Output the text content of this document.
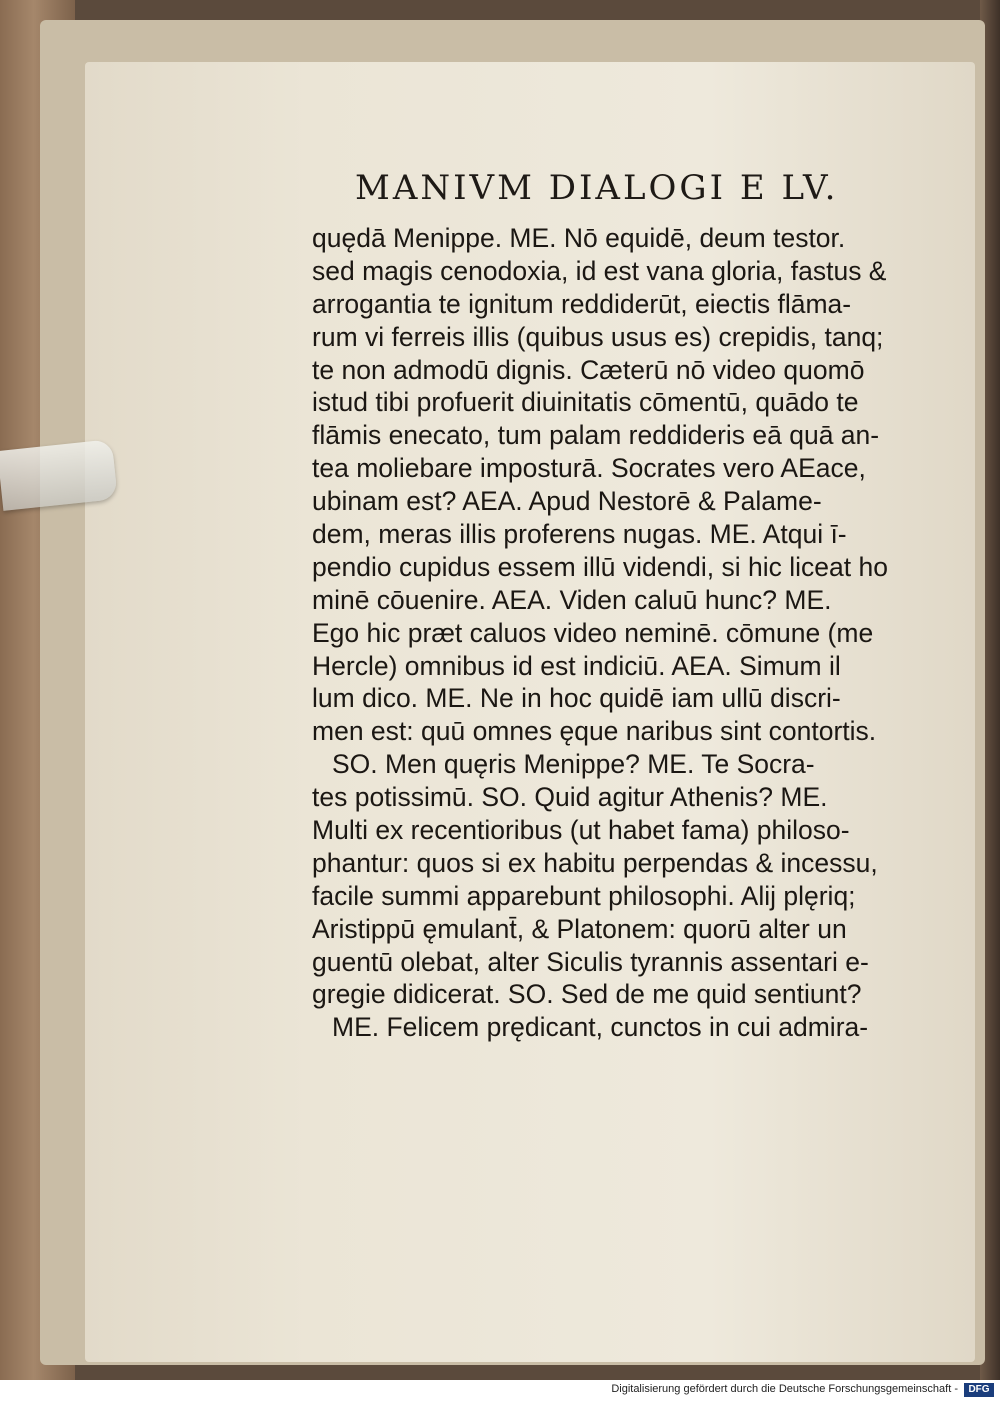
MANIVM DIALOGI E LV.
quędā Menippe. ME. Nō equidē, deum testor.
sed magis cenodoxia, id est vana gloria, fastus &
arrogantia te ignitum reddiderūt, eiectis flāma-
rum vi ferreis illis (quibus usus es) crepidis, tanq;
te non admodū dignis. Cæterū nō video quomō
istud tibi profuerit diuinitatis cōmentū, quādo te
flāmis enecato, tum palam reddideris eā quā an-
tea moliebare imposturā. Socrates vero AEace,
ubinam est? AEA. Apud Nestorē & Palame-
dem, meras illis proferens nugas. ME. Atqui ī-
pendio cupidus essem illū videndi, si hic liceat ho
minē cōuenire. AEA. Viden caluū hunc? ME.
Ego hic præt caluos video neminē. cōmune (me
Hercle) omnibus id est indiciū. AEA. Simum il
lum dico. ME. Ne in hoc quidē iam ullū discri-
men est: quū omnes ęque naribus sint contortis.
SO. Men quęris Menippe? ME. Te Socra-
tes potissimū. SO. Quid agitur Athenis? ME.
Multi ex recentioribus (ut habet fama) philoso-
phantur: quos si ex habitu perpendas & incessu,
facile summi apparebunt philosophi. Alij plęriq;
Aristippū ęmulant̄, & Platonem: quorū alter un
guentū olebat, alter Siculis tyrannis assentari e-
gregie didicerat. SO. Sed de me quid sentiunt?
ME. Felicem prędicant, cunctos in cui admira-
Digitalisierung gefördert durch die Deutsche Forschungsgemeinschaft -	DFG
